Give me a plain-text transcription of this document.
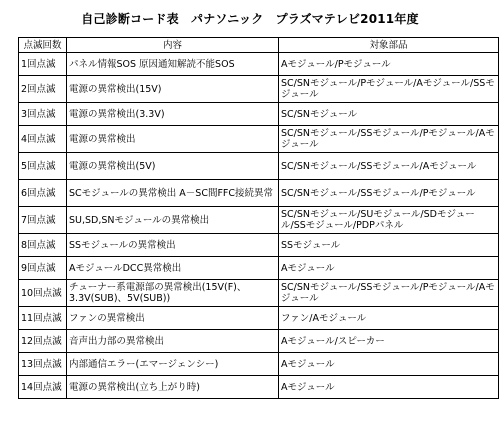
自己診断コード表　パナソニック　プラズマテレビ2011年度
点滅回数	内容	対象部品
1回点滅	パネル情報SOS 原因通知解読不能SOS	Aモジュール/Pモジュール
2回点滅	電源の異常検出(15V)	SC/SNモジュール/Pモジュール/Aモジュール/SSモジュール
3回点滅	電源の異常検出(3.3V)	SC/SNモジュール
4回点滅	電源の異常検出	SC/SNモジュール/SSモジュール/Pモジュール/Aモジュール
5回点滅	電源の異常検出(5V)	SC/SNモジュール/SSモジュール/Aモジュール
6回点滅	SCモジュールの異常検出 A－SC間FFC接続異常	SC/SNモジュール/SSモジュール/Pモジュール
7回点滅	SU,SD,SNモジュールの異常検出	SC/SNモジュール/SUモジュール/SDモジュール/SSモジュール/PDPパネル
8回点滅	SSモジュールの異常検出	SSモジュール
9回点滅	AモジュールDCC異常検出	Aモジュール
10回点滅	チューナー系電源部の異常検出(15V(F)、3.3V(SUB)、5V(SUB))	SC/SNモジュール/SSモジュール/Pモジュール/Aモジュール
11回点滅	ファンの異常検出	ファン/Aモジュール
12回点滅	音声出力部の異常検出	Aモジュール/スピーカー
13回点滅	内部通信エラー(エマージェンシー)	Aモジュール
14回点滅	電源の異常検出(立ち上がり時)	Aモジュール
